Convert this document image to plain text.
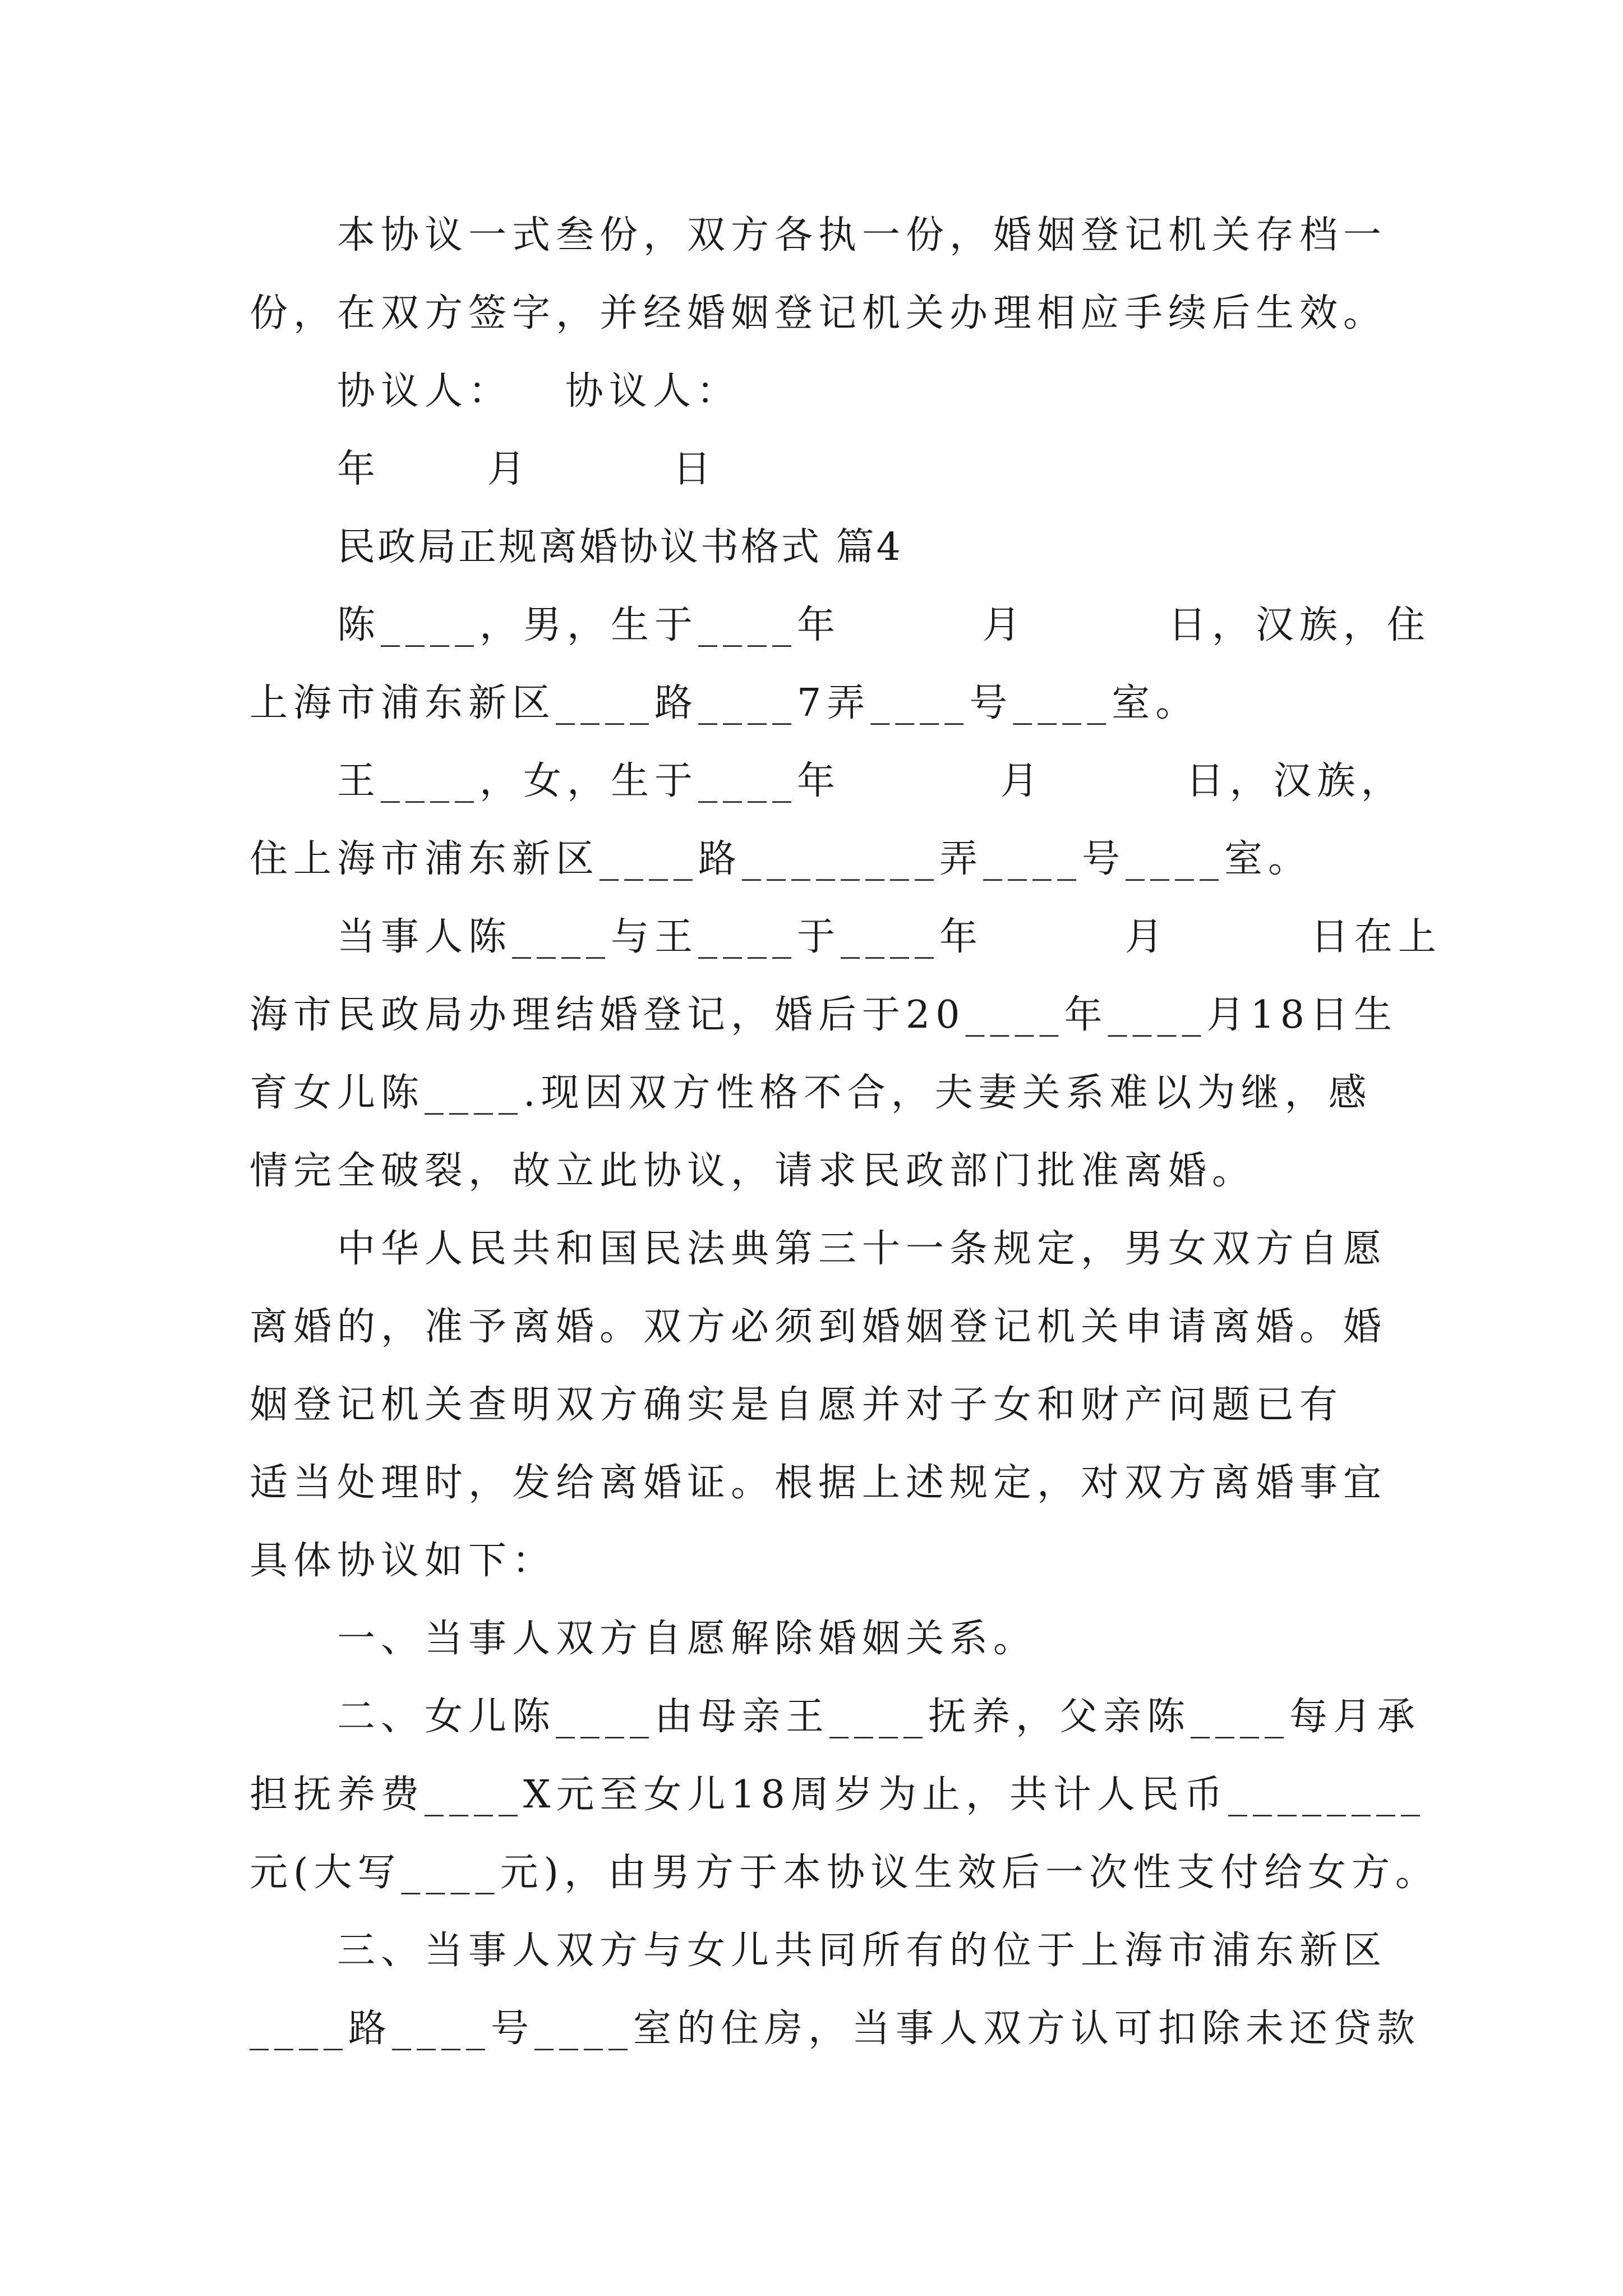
本协议一式叁份，双方各执一份，婚姻登记机关存档一
份，在双方签字，并经婚姻登记机关办理相应手续后生效。
协议人：   协议人：
年      月        日
民政局正规离婚协议书格式 篇4
陈____，男，生于____年        月        日，汉族，住
上海市浦东新区____路____7弄____号____室。
王____，女，生于____年         月        日，汉族，
住上海市浦东新区____路________弄____号____室。
当事人陈____与王____于____年        月        日在上
海市民政局办理结婚登记，婚后于20____年____月18日生
育女儿陈____.现因双方性格不合，夫妻关系难以为继，感
情完全破裂，故立此协议，请求民政部门批准离婚。
中华人民共和国民法典第三十一条规定，男女双方自愿
离婚的，准予离婚。双方必须到婚姻登记机关申请离婚。婚
姻登记机关查明双方确实是自愿并对子女和财产问题已有
适当处理时，发给离婚证。根据上述规定，对双方离婚事宜
具体协议如下：
一、当事人双方自愿解除婚姻关系。
二、女儿陈____由母亲王____抚养，父亲陈____每月承
担抚养费____X元至女儿18周岁为止，共计人民币________
元(大写____元)，由男方于本协议生效后一次性支付给女方。
三、当事人双方与女儿共同所有的位于上海市浦东新区
____路____号____室的住房，当事人双方认可扣除未还贷款
